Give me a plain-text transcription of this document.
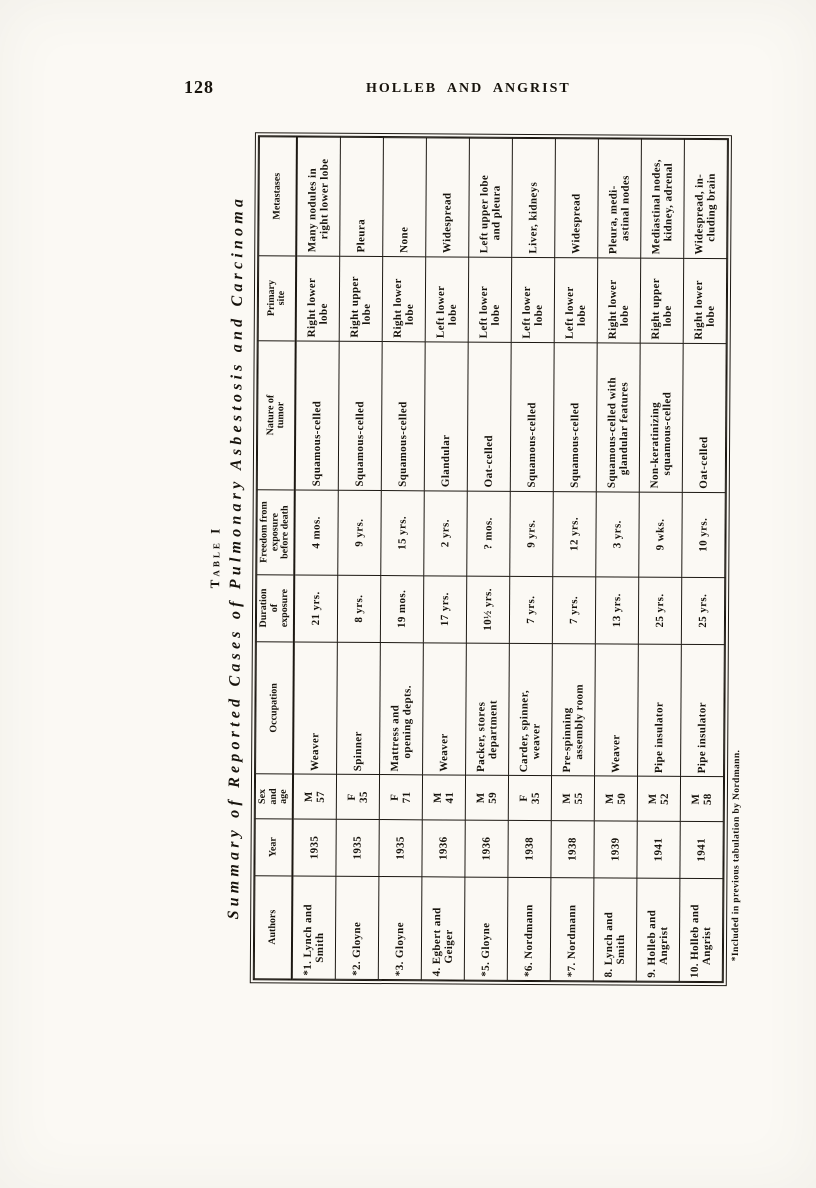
128	HOLLEB AND ANGRIST
Table I Summary of Reported Cases of Pulmonary Asbestosis and Carcinoma
Authors	Year	Sex and age	Occupation	Duration of exposure	Freedom from exposure before death	Nature of tumor	Primary site	Metastases

*1. Lynch and Smith	1935	M 57	Weaver	21 yrs.	4 mos.	Squamous-celled	Right lower lobe	Many nodules in right lower lobe

*2. Gloyne	1935	F 35	Spinner	8 yrs.	9 yrs.	Squamous-celled	Right upper lobe	Pleura

*3. Gloyne	1935	F 71	Mattress and opening depts.	19 mos.	15 yrs.	Squamous-celled	Right lower lobe	None

4. Egbert and Geiger	1936	M 41	Weaver	17 yrs.	2 yrs.	Glandular	Left lower lobe	Widespread

*5. Gloyne	1936	M 59	Packer, stores department	10½ yrs.	? mos.	Oat-celled	Left lower lobe	Left upper lobe and pleura

*6. Nordmann	1938	F 35	Carder, spinner, weaver	7 yrs.	9 yrs.	Squamous-celled	Left lower lobe	Liver, kidneys

*7. Nordmann	1938	M 55	Pre-spinning assembly room	7 yrs.	12 yrs.	Squamous-celled	Left lower lobe	Widespread

8. Lynch and Smith	1939	M 50	Weaver	13 yrs.	3 yrs.	Squamous-celled with glandular features	Right lower lobe	Pleura, medi- astinal nodes

9. Holleb and Angrist	1941	M 52	Pipe insulator	25 yrs.	9 wks.	Non-keratinizing squamous-celled	Right upper lobe	Mediastinal nodes, kidney, adrenal

10. Holleb and Angrist	1941	M 58	Pipe insulator	25 yrs.	10 yrs.	Oat-celled	Right lower lobe	Widespread, in- cluding brain
*Included in previous tabulation by Nordmann.
